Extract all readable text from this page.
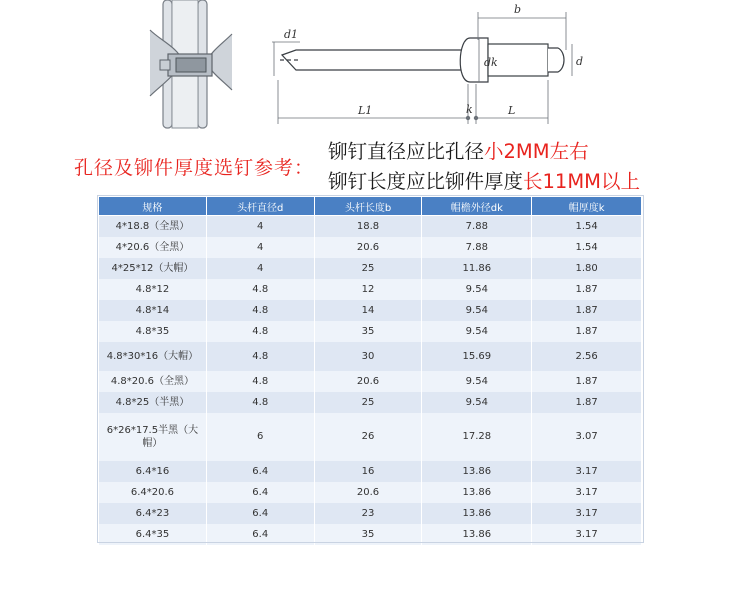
b
d1
dk	d
L1	k	L
孔径及铆件厚度选钉参考：
铆钉直径应比孔径小2MM左右
铆钉长度应比铆件厚度长11MM以上
规格	头杆直径d	头杆长度b	帽檐外径dk	帽厚度k
4*18.8（全黑）	4	18.8	7.88	1.54
4*20.6（全黑）	4	20.6	7.88	1.54
4*25*12（大帽）	4	25	11.86	1.80
4.8*12	4.8	12	9.54	1.87
4.8*14	4.8	14	9.54	1.87
4.8*35	4.8	35	9.54	1.87
4.8*30*16（大帽）	4.8	30	15.69	2.56
4.8*20.6（全黑）	4.8	20.6	9.54	1.87
4.8*25（半黑）	4.8	25	9.54	1.87
6*26*17.5半黑（大帽）	6	26	17.28	3.07
6.4*16	6.4	16	13.86	3.17
6.4*20.6	6.4	20.6	13.86	3.17
6.4*23	6.4	23	13.86	3.17
6.4*35	6.4	35	13.86	3.17
